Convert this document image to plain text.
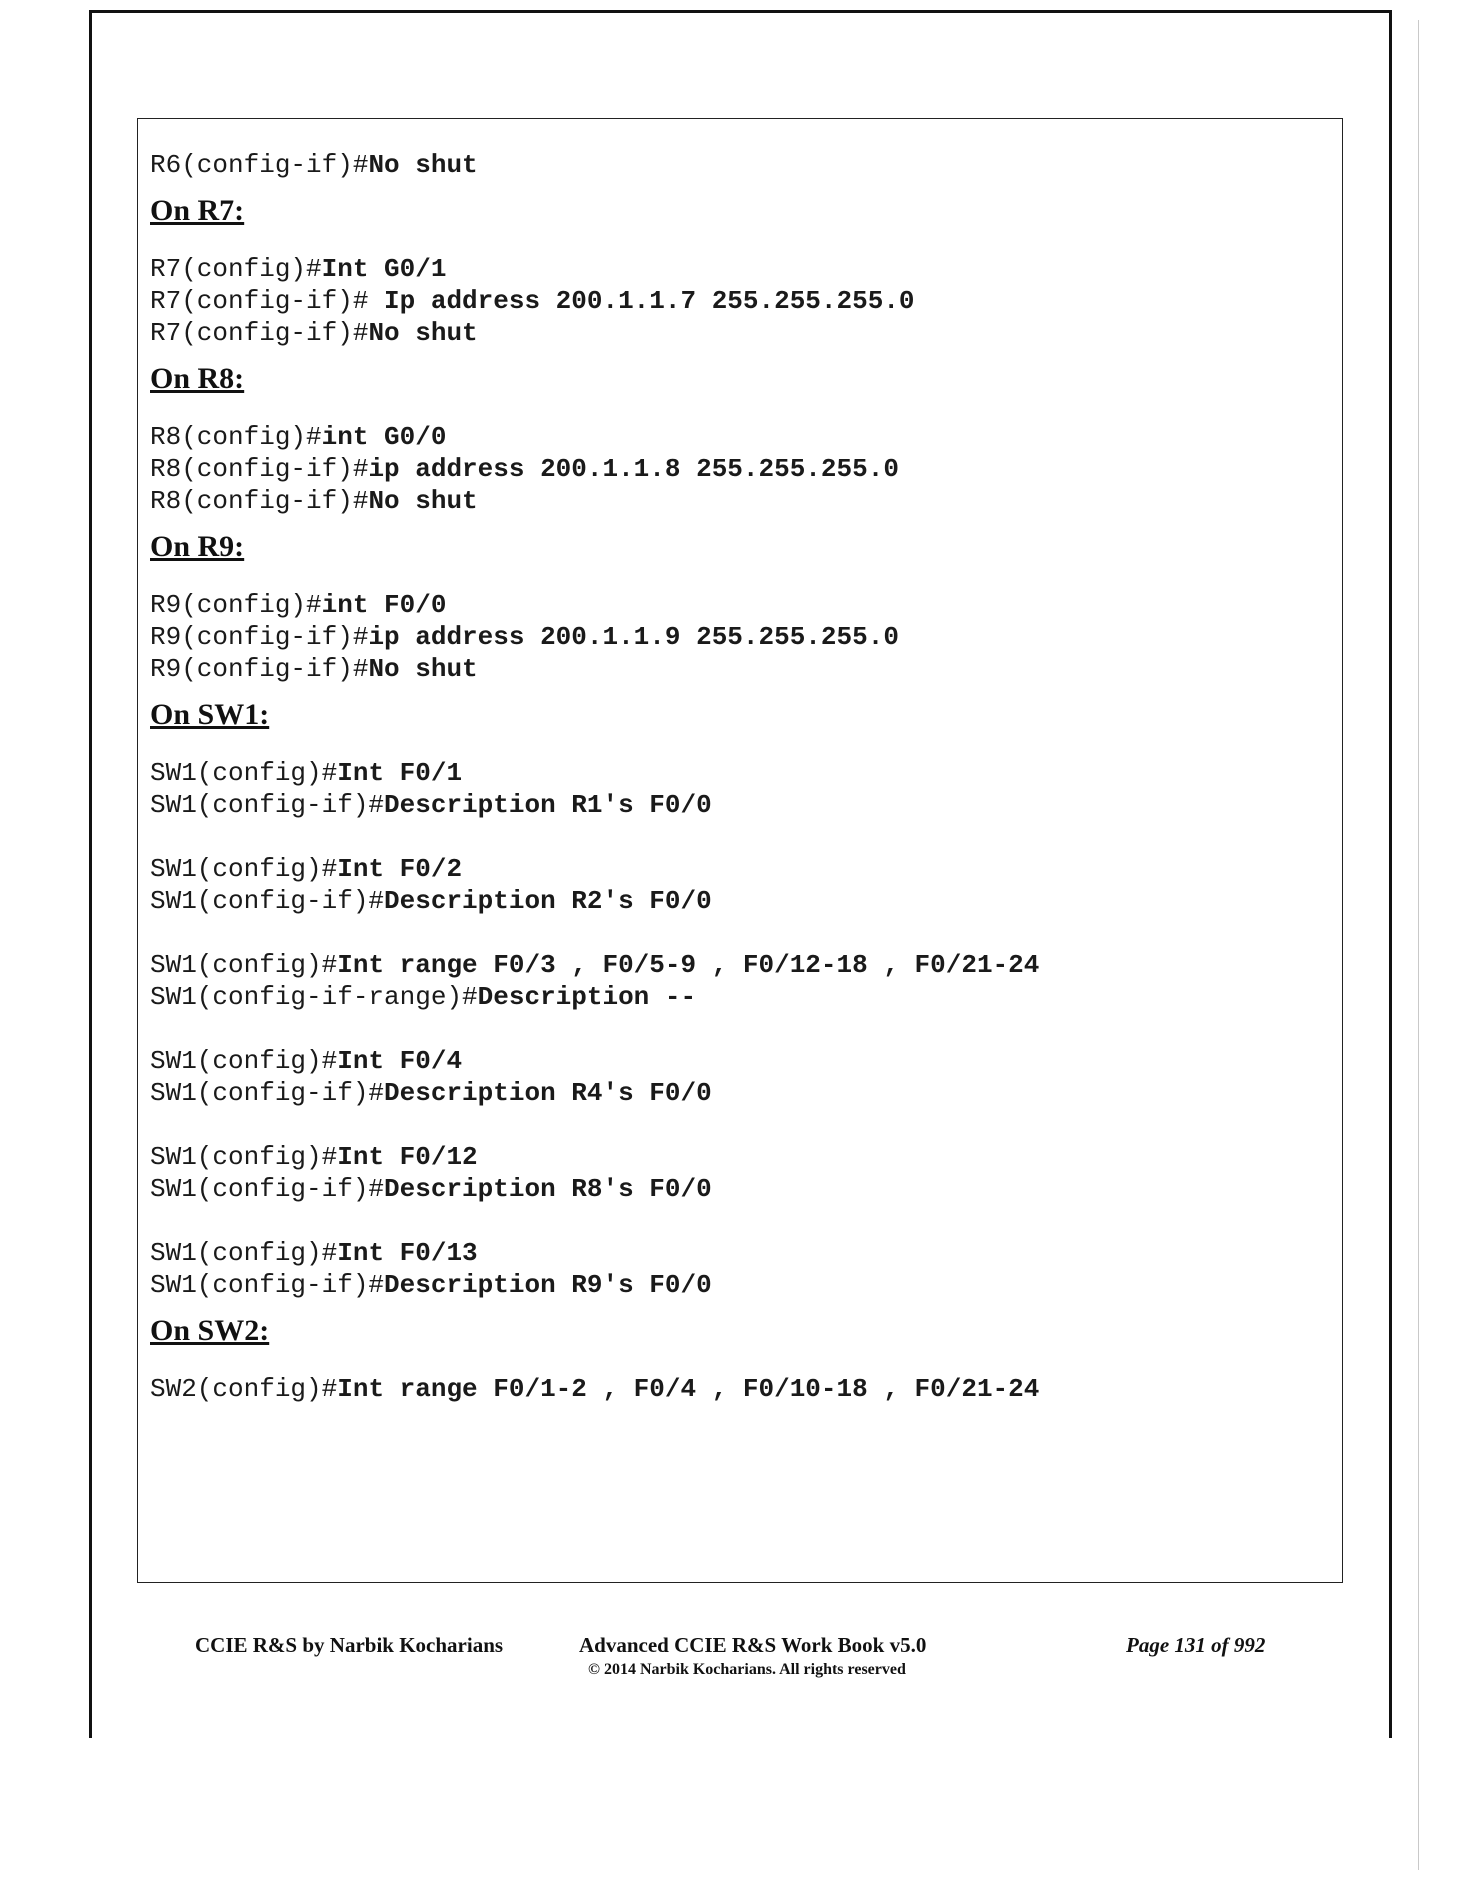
R6(config-if)#No shut
On R7:
R7(config)#Int G0/1
R7(config-if)# Ip address 200.1.1.7 255.255.255.0
R7(config-if)#No shut
On R8:
R8(config)#int G0/0
R8(config-if)#ip address 200.1.1.8 255.255.255.0
R8(config-if)#No shut
On R9:
R9(config)#int F0/0
R9(config-if)#ip address 200.1.1.9 255.255.255.0
R9(config-if)#No shut
On SW1:
SW1(config)#Int F0/1
SW1(config-if)#Description R1's F0/0
SW1(config)#Int F0/2
SW1(config-if)#Description R2's F0/0
SW1(config)#Int range F0/3 , F0/5-9 , F0/12-18 , F0/21-24
SW1(config-if-range)#Description --
SW1(config)#Int F0/4
SW1(config-if)#Description R4's F0/0
SW1(config)#Int F0/12
SW1(config-if)#Description R8's F0/0
SW1(config)#Int F0/13
SW1(config-if)#Description R9's F0/0
On SW2:
SW2(config)#Int range F0/1-2 , F0/4 , F0/10-18 , F0/21-24
CCIE R&S by Narbik Kocharians	Advanced CCIE R&S Work Book v5.0
© 2014 Narbik Kocharians. All rights reserved
Page 131 of 992
